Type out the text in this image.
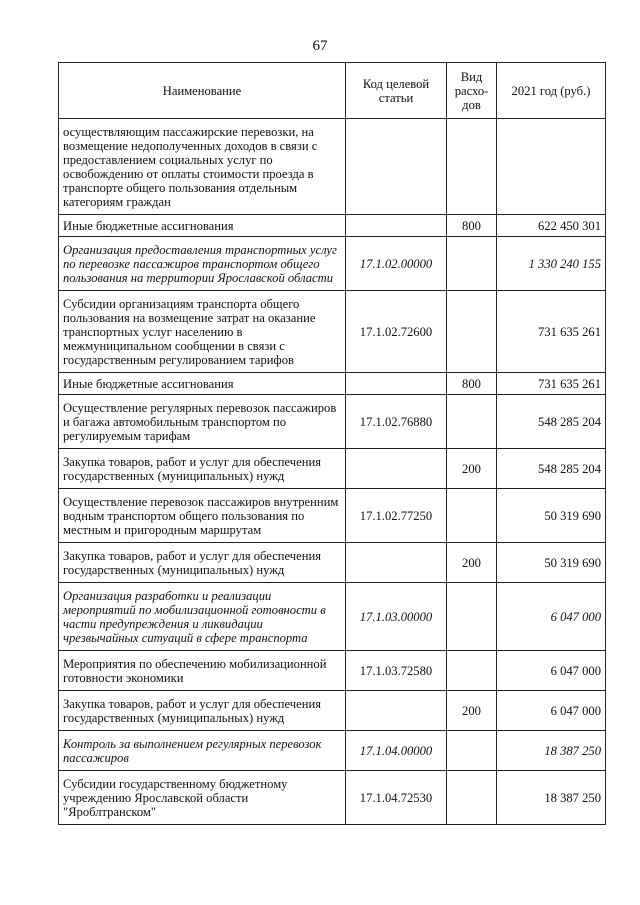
67
Наименование	Код целевой статьи	Вид расхо-дов	2021 год (руб.)
осуществляющим пассажирские перевозки, на возмещение недополученных доходов в связи с предоставлением социальных услуг по освобождению от оплаты стоимости проезда в транспорте общего пользования отдельным категориям граждан			
Иные бюджетные ассигнования		800	622 450 301
Организация предоставления транспортных услуг по перевозке пассажиров транспортом общего пользования на территории Ярославской области	17.1.02.00000		1 330 240 155
Субсидии организациям транспорта общего пользования на возмещение затрат на оказание транспортных услуг населению в межмуниципальном сообщении в связи с государственным регулированием тарифов	17.1.02.72600		731 635 261
Иные бюджетные ассигнования		800	731 635 261
Осуществление регулярных перевозок пассажиров и багажа автомобильным транспортом по регулируемым тарифам	17.1.02.76880		548 285 204
Закупка товаров, работ и услуг для обеспечения государственных (муниципальных) нужд		200	548 285 204
Осуществление перевозок пассажиров внутренним водным транспортом общего пользования по местным и пригородным маршрутам	17.1.02.77250		50 319 690
Закупка товаров, работ и услуг для обеспечения государственных (муниципальных) нужд		200	50 319 690
Организация разработки и реализации мероприятий по мобилизационной готовности в части предупреждения и ликвидации чрезвычайных ситуаций в сфере транспорта	17.1.03.00000		6 047 000
Мероприятия по обеспечению мобилизационной готовности экономики	17.1.03.72580		6 047 000
Закупка товаров, работ и услуг для обеспечения государственных (муниципальных) нужд		200	6 047 000
Контроль за выполнением регулярных перевозок пассажиров	17.1.04.00000		18 387 250
Субсидии государственному бюджетному учреждению Ярославской области "Яроблтранском"	17.1.04.72530		18 387 250
